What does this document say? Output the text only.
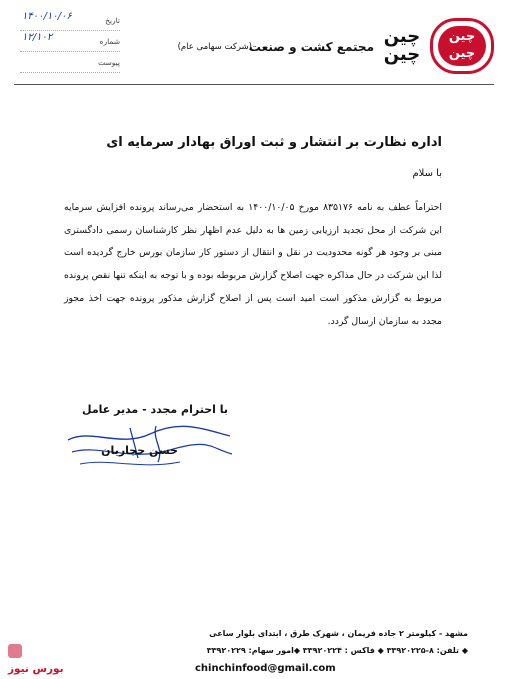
چین
چین
چین
چین
مجتمع کشت و صنعت
(شرکت سهامی عام)
تاریخ
۱۴۰۰/۱۰/۰۶
شماره
۱۲/۱۰۲
پیوست
اداره نظارت بر انتشار و ثبت اوراق بهادار سرمایه ای
با سلام
احتراماً عطف به نامه ۸۳۵۱۷۶ مورخ ۱۴۰۰/۱۰/۰۵ به استحضار می‌رساند پرونده افزایش سرمایه این شرکت از محل تجدید ارزیابی زمین ها به دلیل عدم اظهار نظر کارشناسان رسمی دادگستری مبنی بر وجود هر گونه محدودیت در نقل و انتقال از دستور کار سازمان بورس خارج گردیده است لذا این شرکت در حال مذاکره جهت اصلاح گزارش مربوطه بوده و با توجه به اینکه تنها نقص پرونده مربوط به گزارش مذکور است امید است پس از اصلاح گزارش مذکور پرونده جهت اخذ مجوز مجدد به سازمان ارسال گردد.
با احترام مجدد - مدیر عامل
حسن حجاریان
مشهد - کیلومتر ۲ جاده فریمان ، شهرک طرق ، ابتدای بلوار ساعی
◆ تلفن: ۸-۳۳۹۲۰۲۲۵ ◆ فاکس : ۳۳۹۲۰۲۲۴ ◆امور سهام: ۳۳۹۲۰۲۲۹
chinchinfood@gmail.com
بورس نیوز
